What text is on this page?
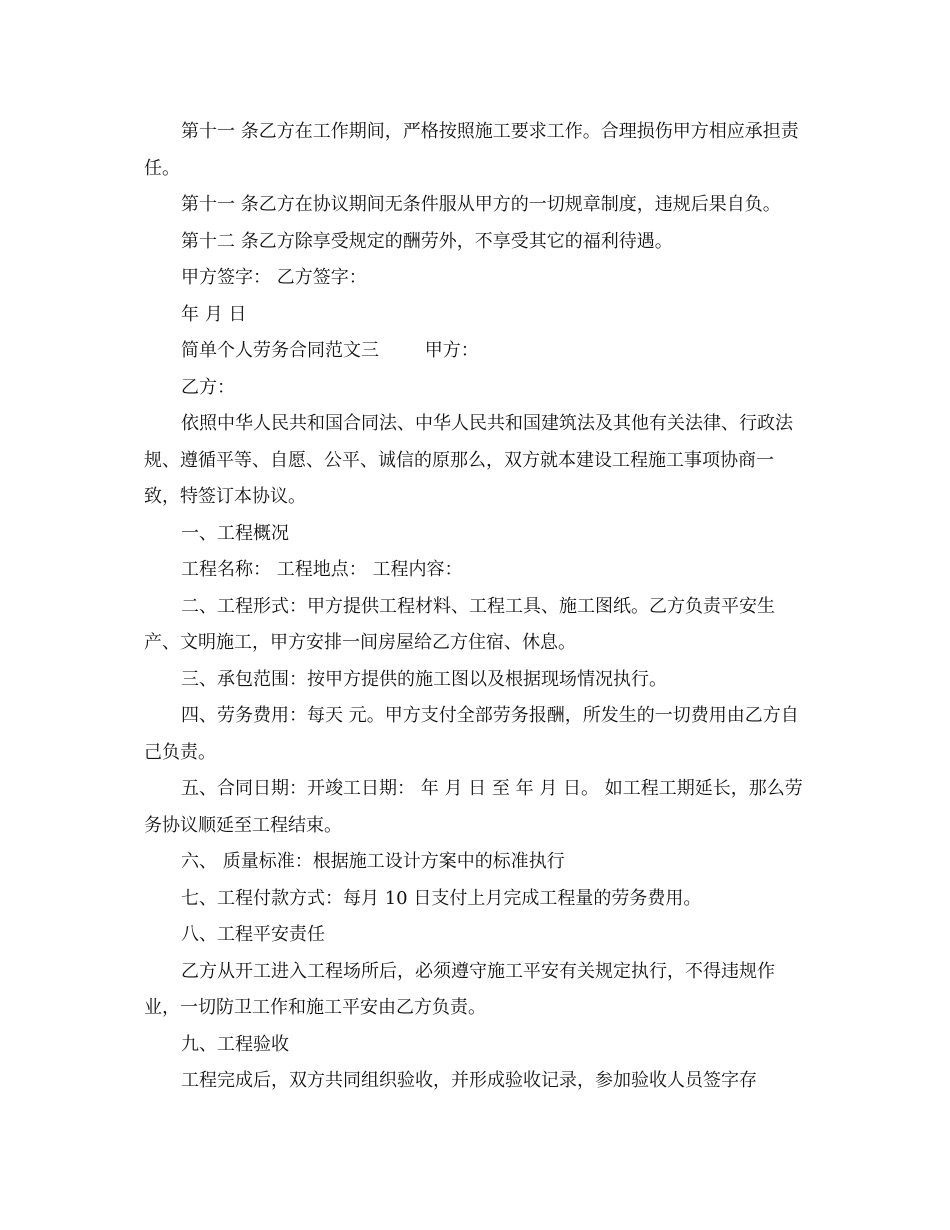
第十一 条乙方在工作期间，严格按照施工要求工作。合理损伤甲方相应承担责任。

第十一 条乙方在协议期间无条件服从甲方的一切规章制度，违规后果自负。

第十二 条乙方除享受规定的酬劳外，不享受其它的福利待遇。

甲方签字： 乙方签字：

年 月 日

简单个人劳务合同范文三        甲方：

乙方：

依照中华人民共和国合同法、中华人民共和国建筑法及其他有关法律、行政法规、遵循平等、自愿、公平、诚信的原那么，双方就本建设工程施工事项协商一致，特签订本协议。

一、工程概况

工程名称： 工程地点： 工程内容：

二、工程形式：甲方提供工程材料、工程工具、施工图纸。乙方负责平安生产、文明施工，甲方安排一间房屋给乙方住宿、休息。

三、承包范围：按甲方提供的施工图以及根据现场情况执行。

四、劳务费用：每天 元。甲方支付全部劳务报酬，所发生的一切费用由乙方自己负责。

五、合同日期：开竣工日期： 年 月 日 至 年 月 日。 如工程工期延长，那么劳务协议顺延至工程结束。

六、 质量标准：根据施工设计方案中的标准执行

七、工程付款方式：每月 10 日支付上月完成工程量的劳务费用。

八、工程平安责任

乙方从开工进入工程场所后，必须遵守施工平安有关规定执行，不得违规作业，一切防卫工作和施工平安由乙方负责。

九、工程验收

工程完成后，双方共同组织验收，并形成验收记录，参加验收人员签字存
